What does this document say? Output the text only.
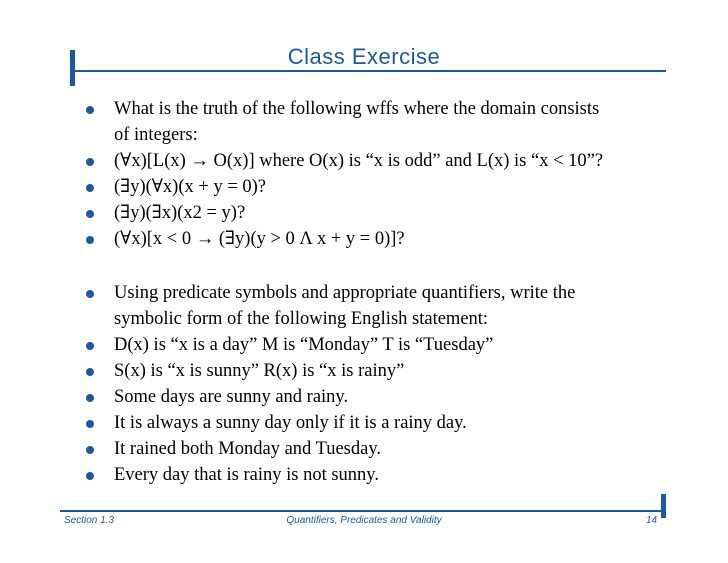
Class Exercise
What is the truth of the following wffs where the domain consists
of integers:
(∀x)[L(x) → O(x)] where O(x) is “x is odd” and L(x) is “x < 10”?
(∃y)(∀x)(x + y = 0)?
(∃y)(∃x)(x2 = y)?
(∀x)[x < 0 → (∃y)(y > 0 Λ x + y = 0)]?
Using predicate symbols and appropriate quantifiers, write the
symbolic form of the following English statement:
D(x) is “x is a day” M is “Monday” T is “Tuesday”
S(x) is “x is sunny” R(x) is “x is rainy”
Some days are sunny and rainy.
It is always a sunny day only if it is a rainy day.
It rained both Monday and Tuesday.
Every day that is rainy is not sunny.
Section 1.3	Quantifiers, Predicates and Validity	14
